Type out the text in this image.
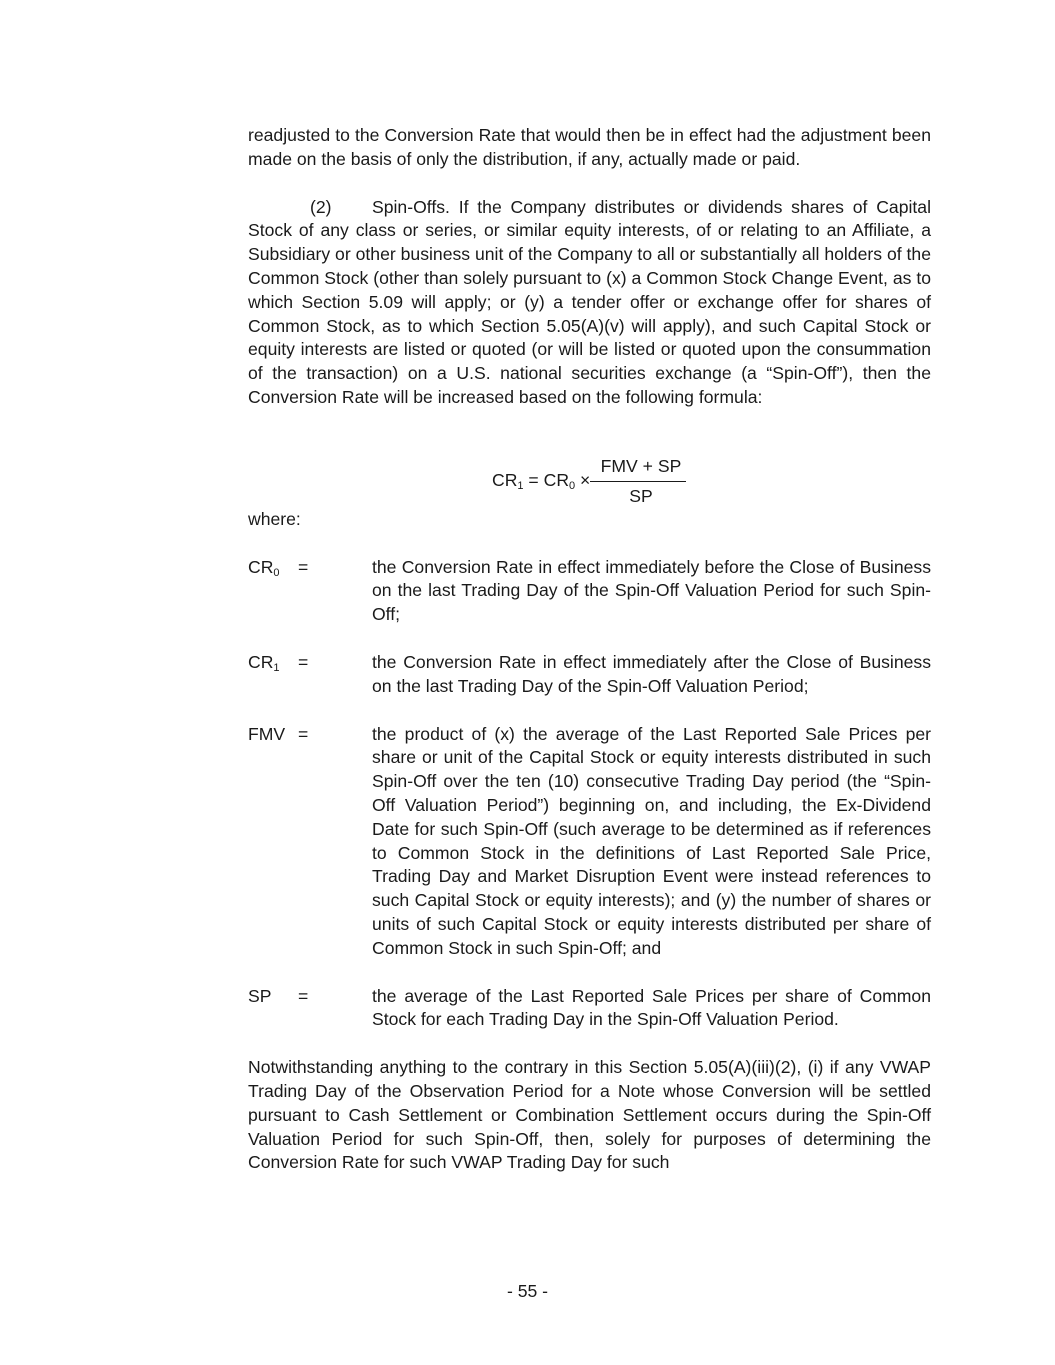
readjusted to the Conversion Rate that would then be in effect had the adjustment been made on the basis of only the distribution, if any, actually made or paid.

(2) Spin-Offs. If the Company distributes or dividends shares of Capital Stock of any class or series, or similar equity interests, of or relating to an Affiliate, a Subsidiary or other business unit of the Company to all or substantially all holders of the Common Stock (other than solely pursuant to (x) a Common Stock Change Event, as to which Section 5.09 will apply; or (y) a tender offer or exchange offer for shares of Common Stock, as to which Section 5.05(A)(v) will apply), and such Capital Stock or equity interests are listed or quoted (or will be listed or quoted upon the consummation of the transaction) on a U.S. national securities exchange (a “Spin-Off”), then the Conversion Rate will be increased based on the following formula:

where:

CR0	=	the Conversion Rate in effect immediately before the Close of Business on the last Trading Day of the Spin-Off Valuation Period for such Spin-Off;
CR1	=	the Conversion Rate in effect immediately after the Close of Business on the last Trading Day of the Spin-Off Valuation Period;
FMV =	the product of (x) the average of the Last Reported Sale Prices per share or unit of the Capital Stock or equity interests distributed in such Spin-Off over the ten (10) consecutive Trading Day period (the “Spin-Off Valuation Period”) beginning on, and including, the Ex-Dividend Date for such Spin-Off (such average to be determined as if references to Common Stock in the definitions of Last Reported Sale Price, Trading Day and Market Disruption Event were instead references to such Capital Stock or equity interests); and (y) the number of shares or units of such Capital Stock or equity interests distributed per share of Common Stock in such Spin-Off; and
SP	=	the average of the Last Reported Sale Prices per share of Common Stock for each Trading Day in the Spin-Off Valuation Period.

Notwithstanding anything to the contrary in this Section 5.05(A)(iii)(2), (i) if any VWAP Trading Day of the Observation Period for a Note whose Conversion will be settled pursuant to Cash Settlement or Combination Settlement occurs during the Spin-Off Valuation Period for such Spin-Off, then, solely for purposes of determining the Conversion Rate for such VWAP Trading Day for such

CR1 = CR0 ×
FMV + SP
SP
- 55 -
